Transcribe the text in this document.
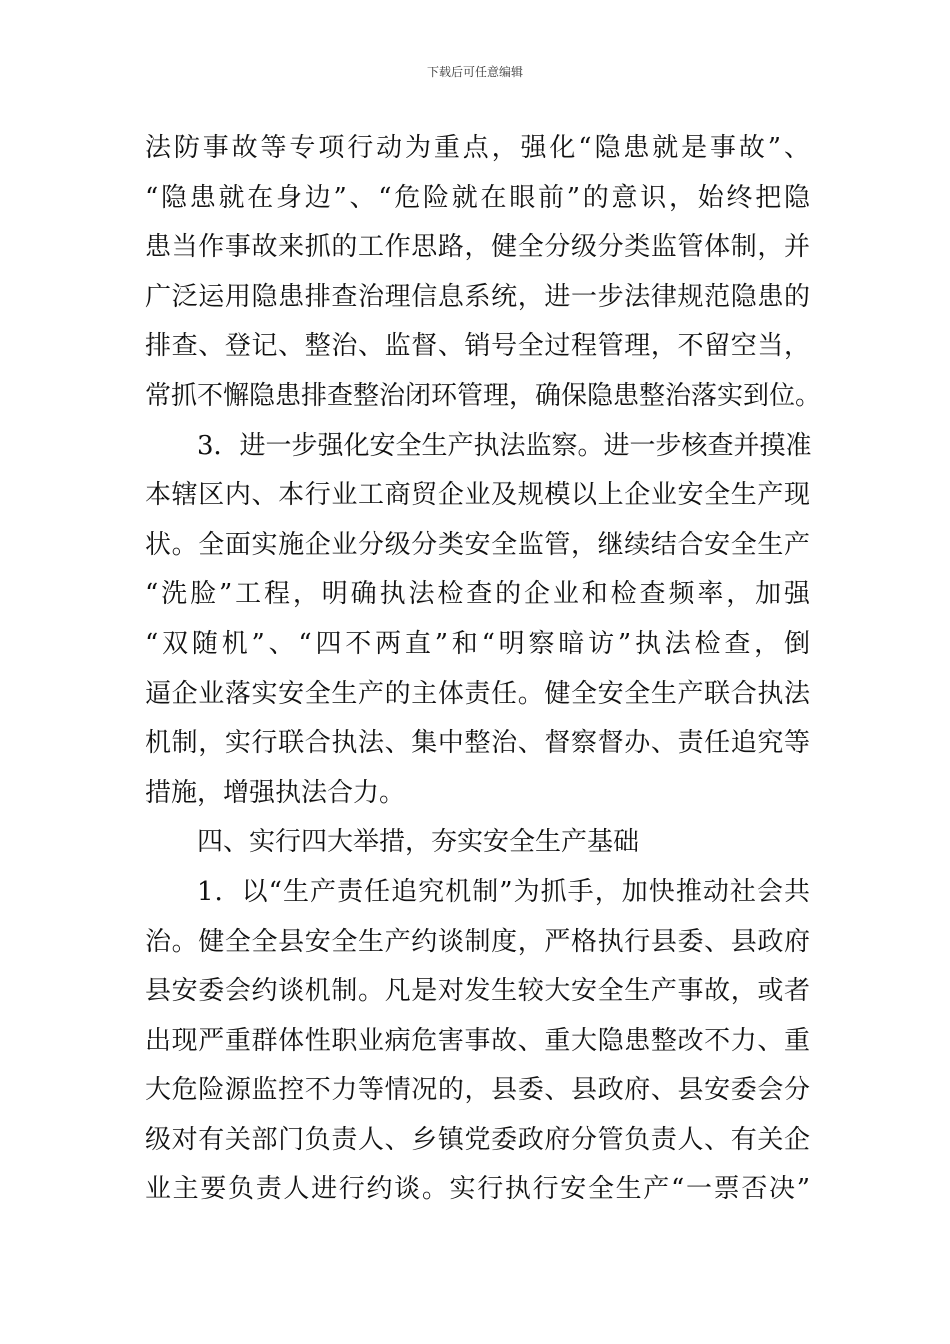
下载后可任意编辑
法防事故等专项行动为重点，强化“隐患就是事故”、
“隐患就在身边”、“危险就在眼前”的意识，始终把隐
患当作事故来抓的工作思路，健全分级分类监管体制，并
广泛运用隐患排查治理信息系统，进一步法律规范隐患的
排查、登记、整治、监督、销号全过程管理，不留空当，
常抓不懈隐患排查整治闭环管理，确保隐患整治落实到位。
3．进一步强化安全生产执法监察。进一步核查并摸准
本辖区内、本行业工商贸企业及规模以上企业安全生产现
状。全面实施企业分级分类安全监管，继续结合安全生产
“洗脸”工程，明确执法检查的企业和检查频率，加强
“双随机”、“四不两直”和“明察暗访”执法检查，倒
逼企业落实安全生产的主体责任。健全安全生产联合执法
机制，实行联合执法、集中整治、督察督办、责任追究等
措施，增强执法合力。
四、实行四大举措，夯实安全生产基础
1．以“生产责任追究机制”为抓手，加快推动社会共
治。健全全县安全生产约谈制度，严格执行县委、县政府
县安委会约谈机制。凡是对发生较大安全生产事故，或者
出现严重群体性职业病危害事故、重大隐患整改不力、重
大危险源监控不力等情况的，县委、县政府、县安委会分
级对有关部门负责人、乡镇党委政府分管负责人、有关企
业主要负责人进行约谈。实行执行安全生产“一票否决”
